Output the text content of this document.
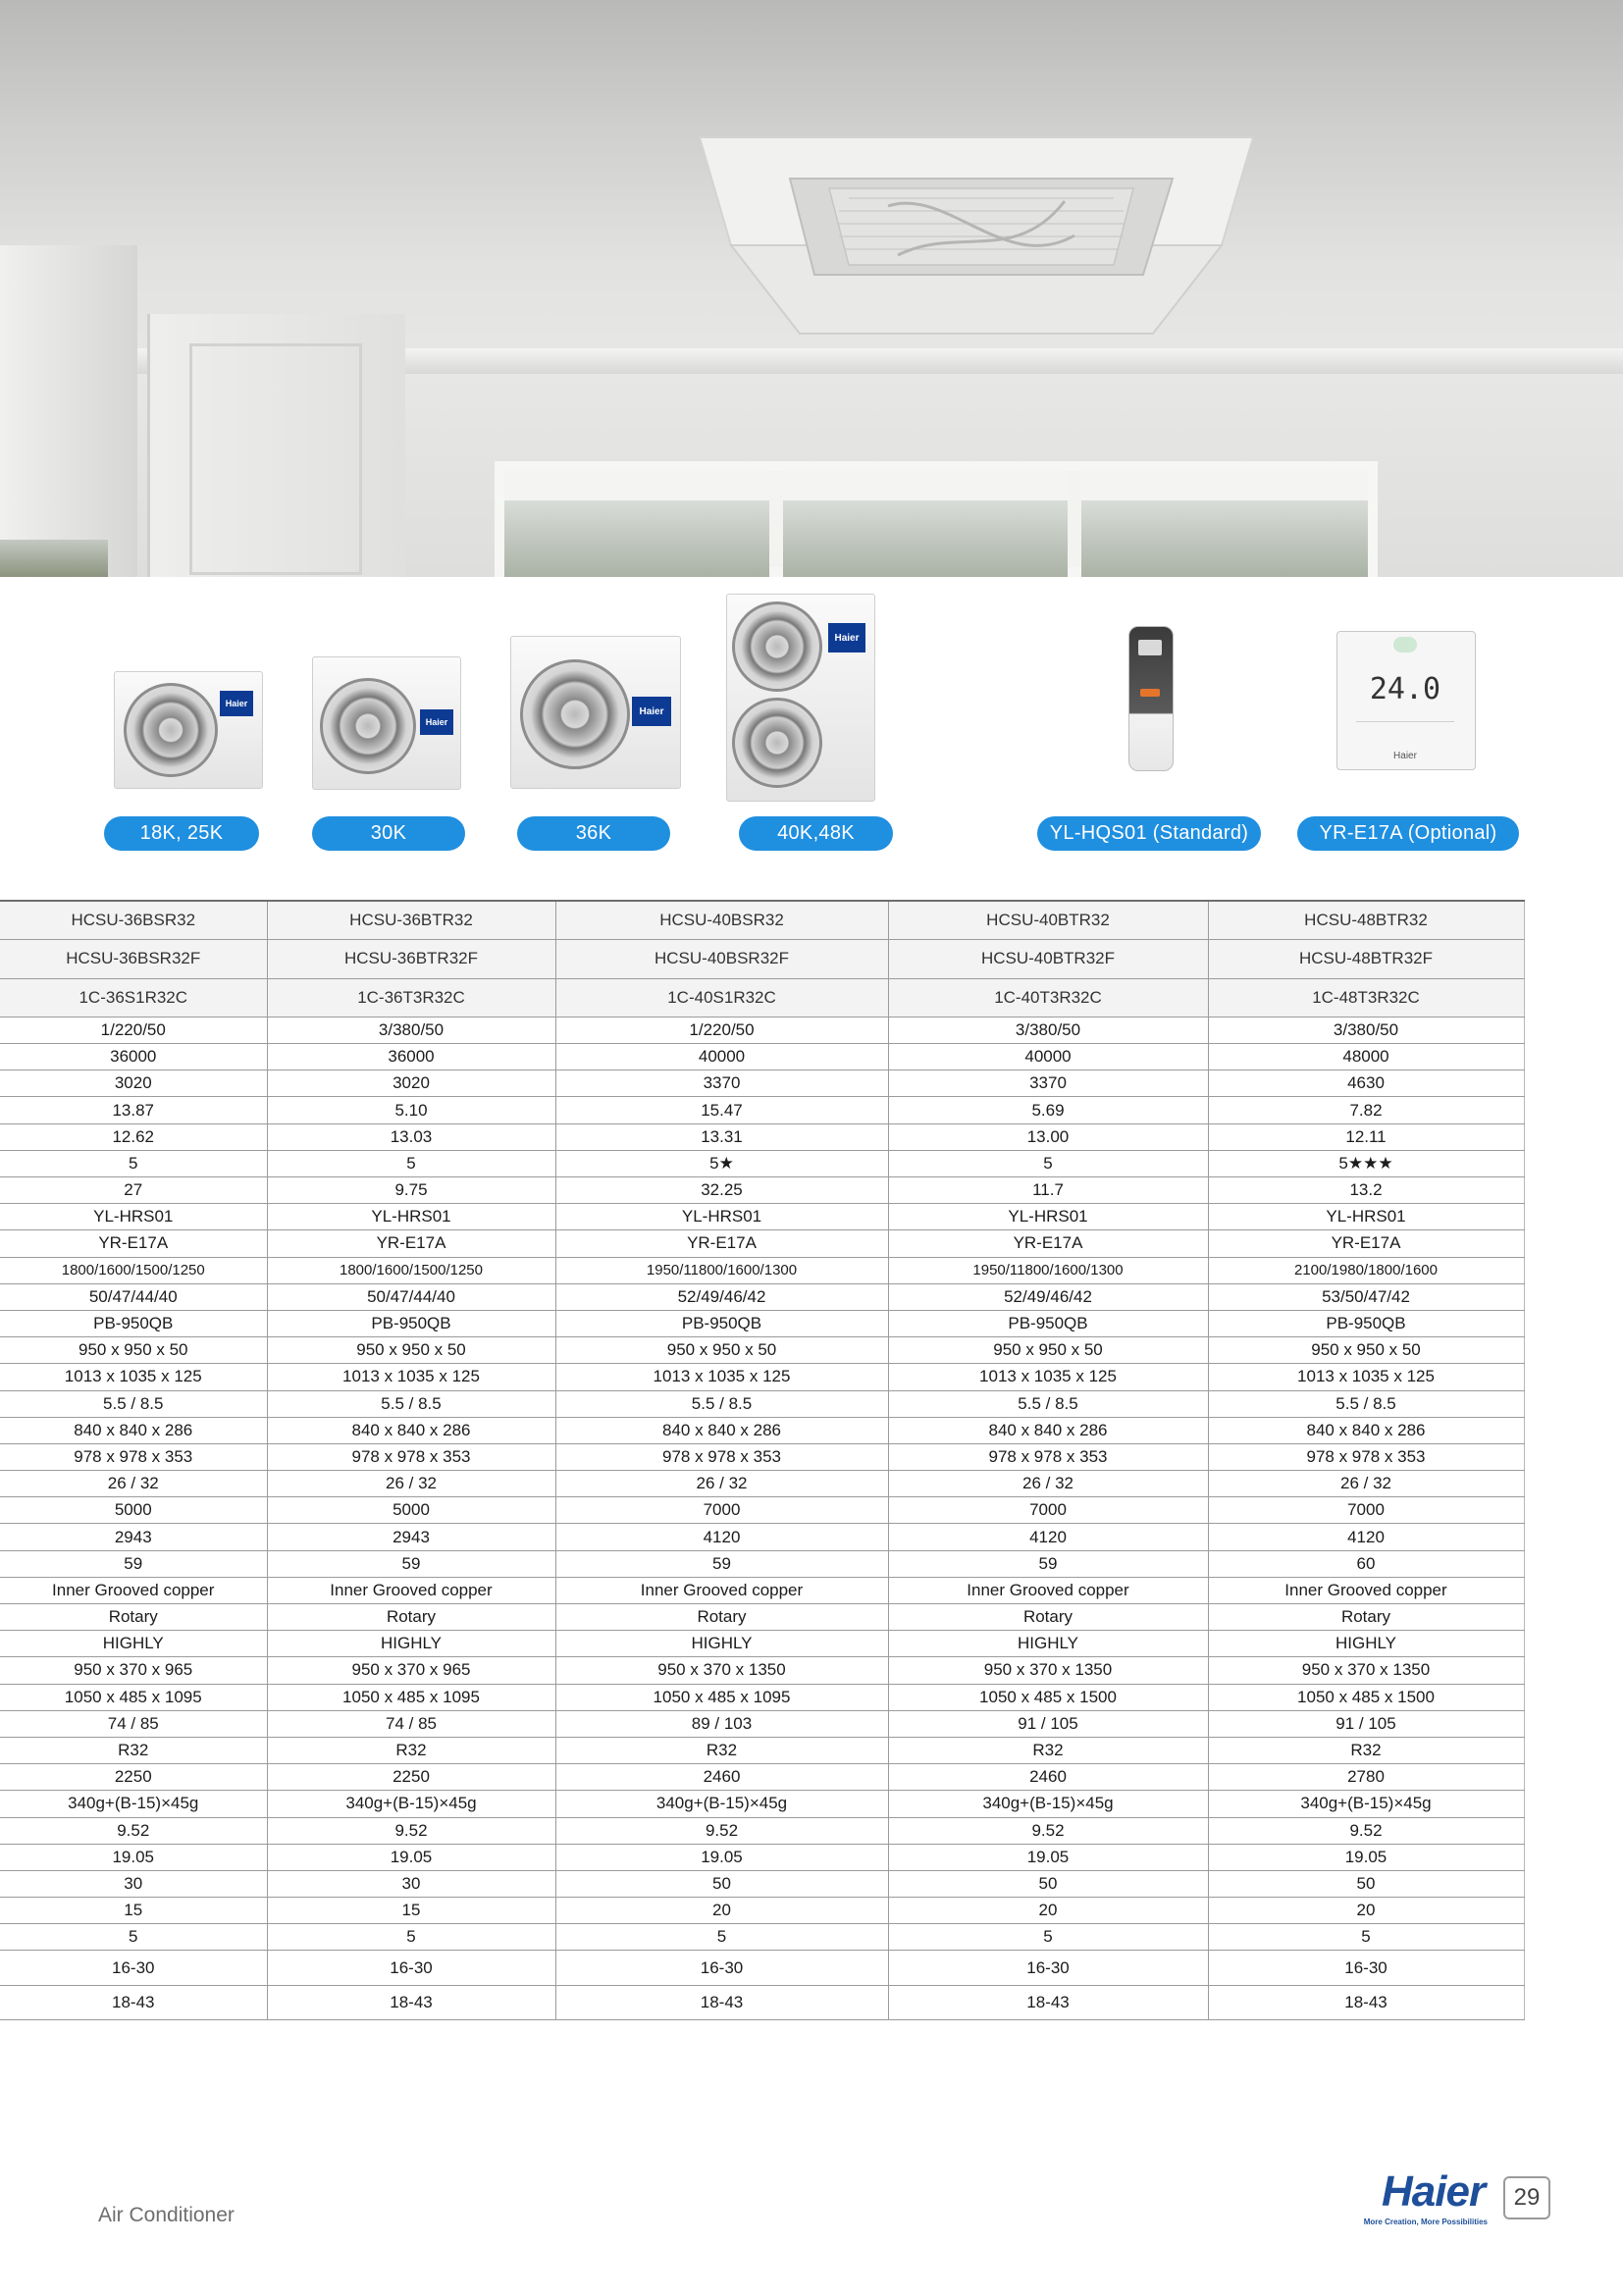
Haier
Haier
Haier
Haier
24.0
Haier
18K, 25K	30K	36K	40K,48K	YL-HQS01 (Standard)	YR-E17A (Optional)
HCSU-36BSR32	HCSU-36BTR32	HCSU-40BSR32	HCSU-40BTR32	HCSU-48BTR32
HCSU-36BSR32F	HCSU-36BTR32F	HCSU-40BSR32F	HCSU-40BTR32F	HCSU-48BTR32F
1C-36S1R32C	1C-36T3R32C	1C-40S1R32C	1C-40T3R32C	1C-48T3R32C
1/220/50	3/380/50	1/220/50	3/380/50	3/380/50
36000	36000	40000	40000	48000
3020	3020	3370	3370	4630
13.87	5.10	15.47	5.69	7.82
12.62	13.03	13.31	13.00	12.11
5	5	5★	5	5★★★
27	9.75	32.25	11.7	13.2
YL-HRS01	YL-HRS01	YL-HRS01	YL-HRS01	YL-HRS01
YR-E17A	YR-E17A	YR-E17A	YR-E17A	YR-E17A
1800/1600/1500/1250	1800/1600/1500/1250	1950/11800/1600/1300	1950/11800/1600/1300	2100/1980/1800/1600
50/47/44/40	50/47/44/40	52/49/46/42	52/49/46/42	53/50/47/42
PB-950QB	PB-950QB	PB-950QB	PB-950QB	PB-950QB
950 x 950 x 50	950 x 950 x 50	950 x 950 x 50	950 x 950 x 50	950 x 950 x 50
1013 x 1035 x 125	1013 x 1035 x 125	1013 x 1035 x 125	1013 x 1035 x 125	1013 x 1035 x 125
5.5 / 8.5	5.5 / 8.5	5.5 / 8.5	5.5 / 8.5	5.5 / 8.5
840 x 840 x 286	840 x 840 x 286	840 x 840 x 286	840 x 840 x 286	840 x 840 x 286
978 x 978 x 353	978 x 978 x 353	978 x 978 x 353	978 x 978 x 353	978 x 978 x 353
26 / 32	26 / 32	26 / 32	26 / 32	26 / 32
5000	5000	7000	7000	7000
2943	2943	4120	4120	4120
59	59	59	59	60
Inner Grooved copper	Inner Grooved copper	Inner Grooved copper	Inner Grooved copper	Inner Grooved copper
Rotary	Rotary	Rotary	Rotary	Rotary
HIGHLY	HIGHLY	HIGHLY	HIGHLY	HIGHLY
950 x 370 x 965	950 x 370 x 965	950 x 370 x 1350	950 x 370 x 1350	950 x 370 x 1350
1050 x 485 x 1095	1050 x 485 x 1095	1050 x 485 x 1095	1050 x 485 x 1500	1050 x 485 x 1500
74 / 85	74 / 85	89 / 103	91 / 105	91 / 105
R32	R32	R32	R32	R32
2250	2250	2460	2460	2780
340g+(B-15)×45g	340g+(B-15)×45g	340g+(B-15)×45g	340g+(B-15)×45g	340g+(B-15)×45g
9.52	9.52	9.52	9.52	9.52
19.05	19.05	19.05	19.05	19.05
30	30	50	50	50
15	15	20	20	20
5	5	5	5	5
16-30	16-30	16-30	16-30	16-30
18-43	18-43	18-43	18-43	18-43
Air Conditioner	Haier
More Creation, More Possibilities
29
